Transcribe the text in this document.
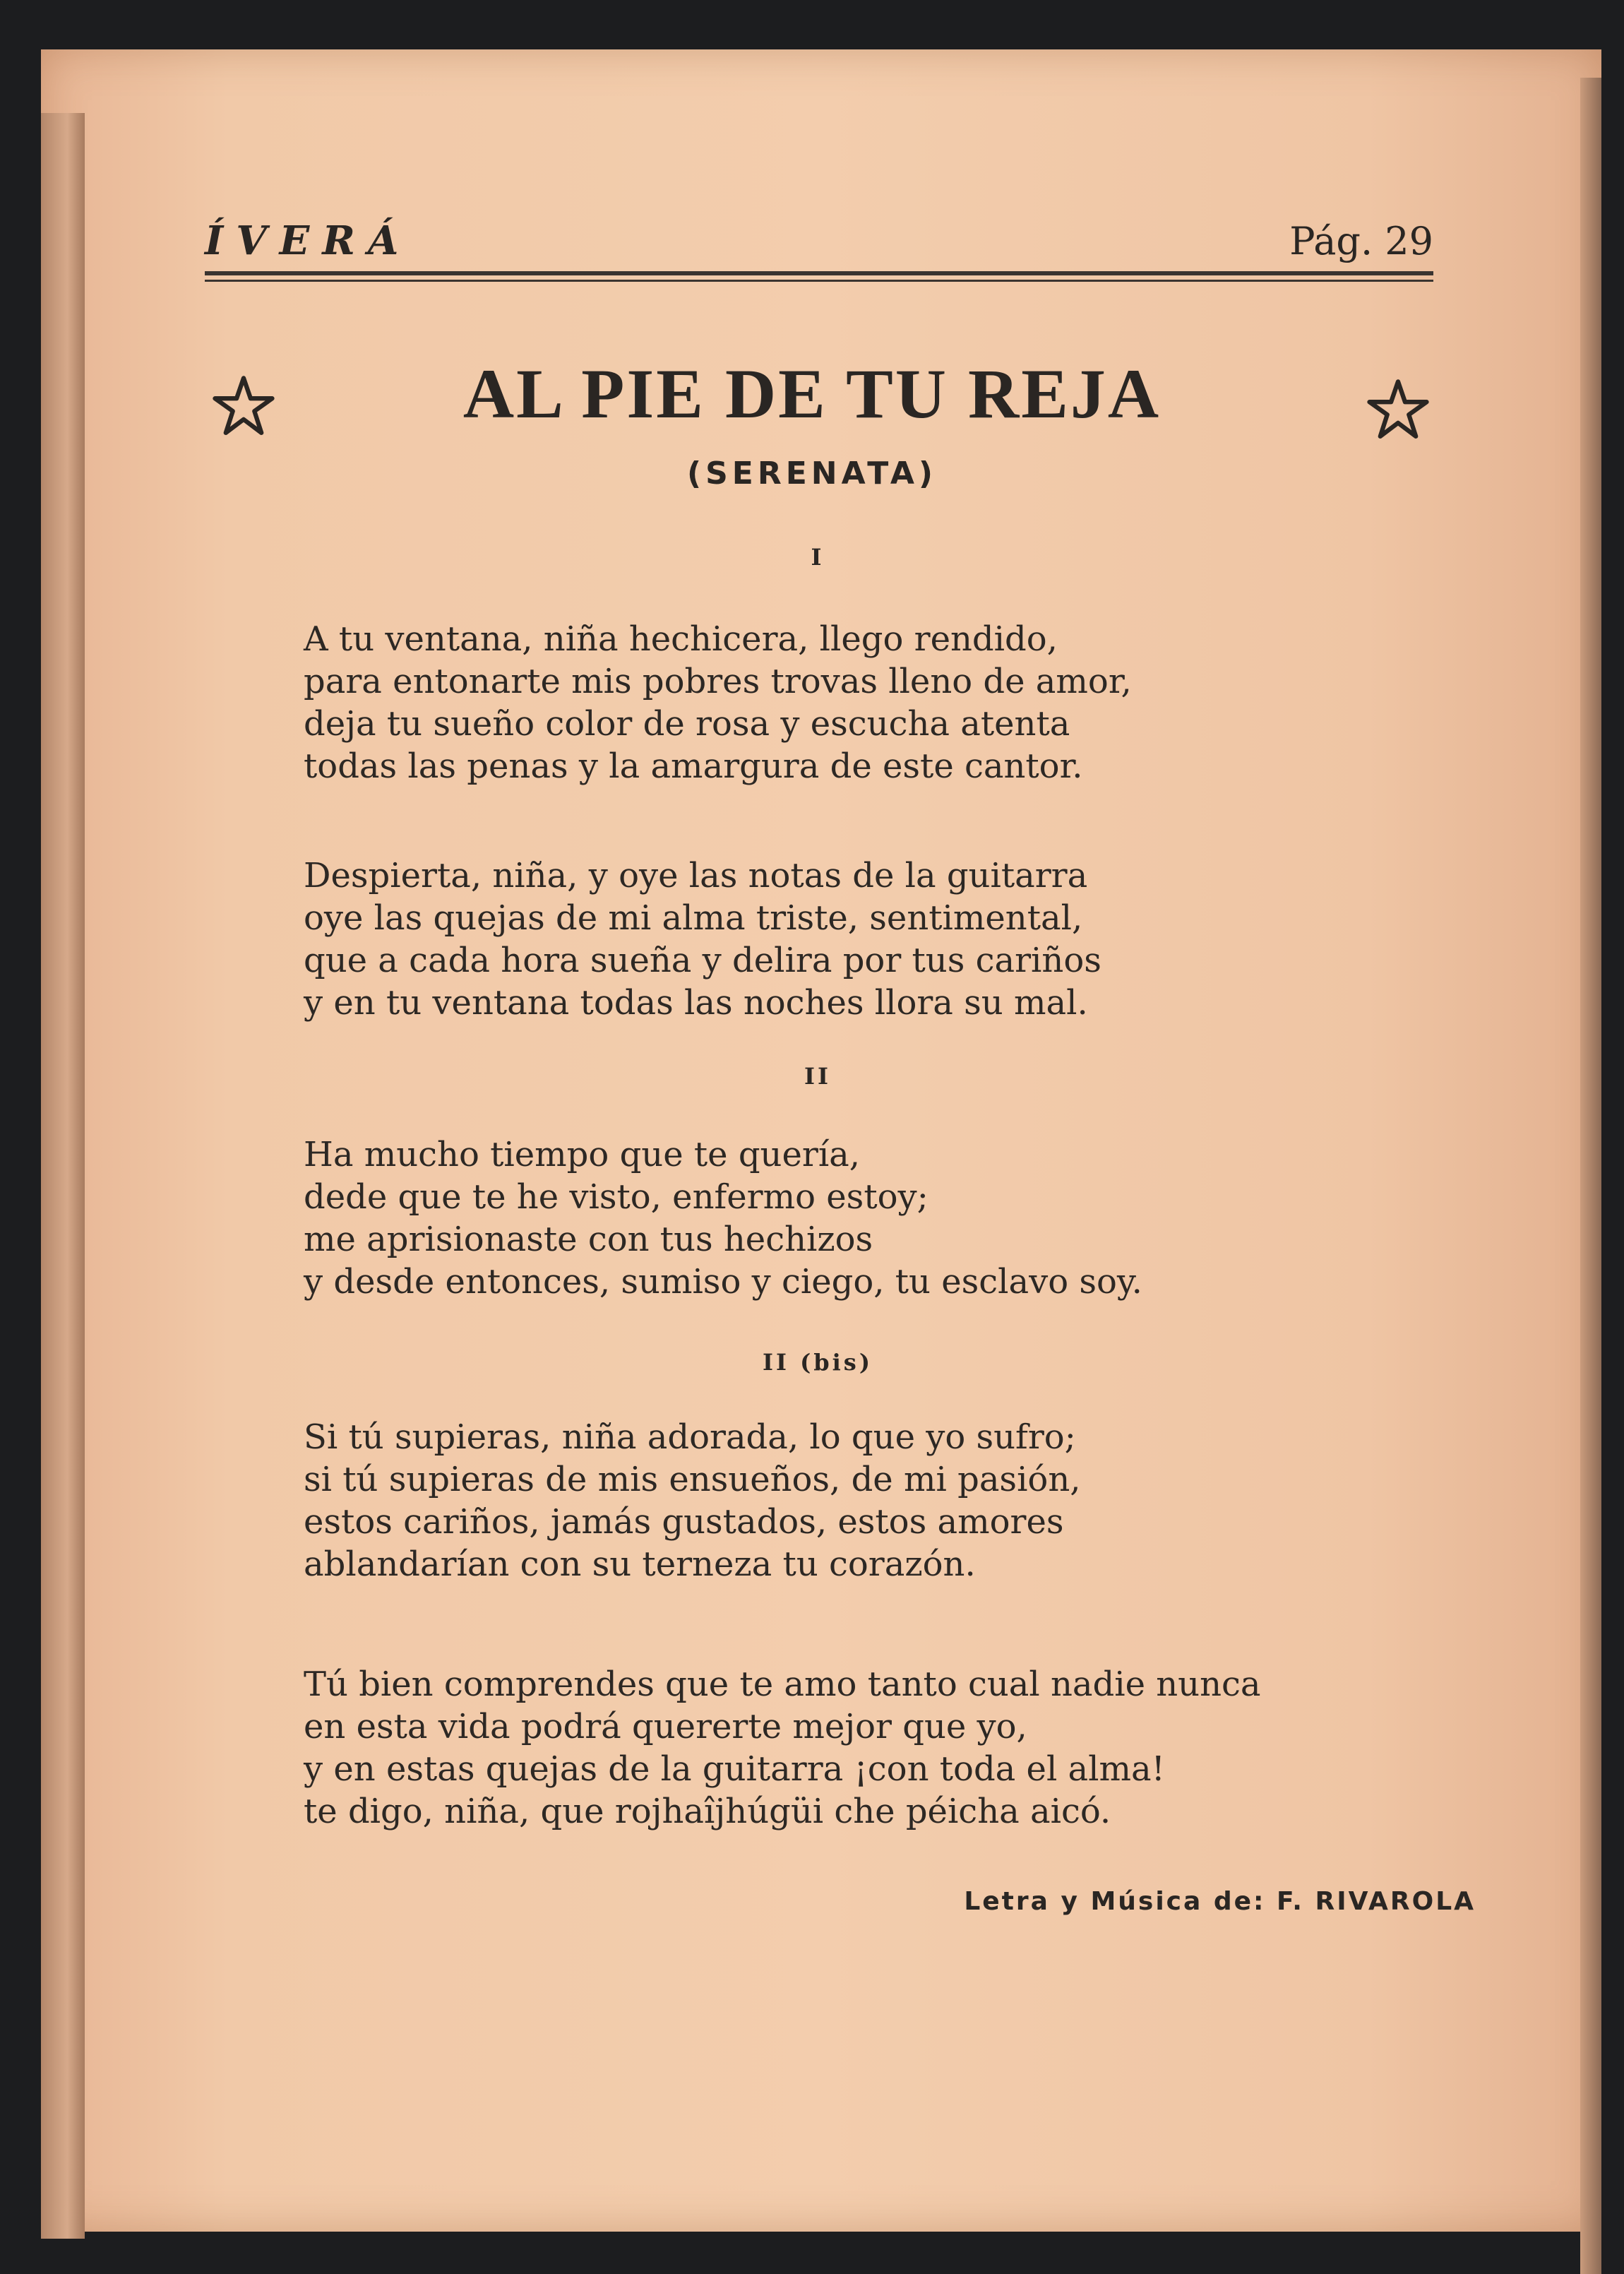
ÍVERÁ	Pág. 29
AL PIE DE TU REJA
(SERENATA)
I
A tu ventana, niña hechicera, llego rendido,
para entonarte mis pobres trovas lleno de amor,
deja tu sueño color de rosa y escucha atenta
todas las penas y la amargura de este cantor.
Despierta, niña, y oye las notas de la guitarra
oye las quejas de mi alma triste, sentimental,
que a cada hora sueña y delira por tus cariños
y en tu ventana todas las noches llora su mal.
II
Ha mucho tiempo que te quería,
dede que te he visto, enfermo estoy;
me aprisionaste con tus hechizos
y desde entonces, sumiso y ciego, tu esclavo soy.
II (bis)
Si tú supieras, niña adorada, lo que yo sufro;
si tú supieras de mis ensueños, de mi pasión,
estos cariños, jamás gustados, estos amores
ablandarían con su terneza tu corazón.
Tú bien comprendes que te amo tanto cual nadie nunca
en esta vida podrá quererte mejor que yo,
y en estas quejas de la guitarra ¡con toda el alma!
te digo, niña, que rojhaîjhúgüi che péicha aicó.
Letra y Música de: F. RIVAROLA
